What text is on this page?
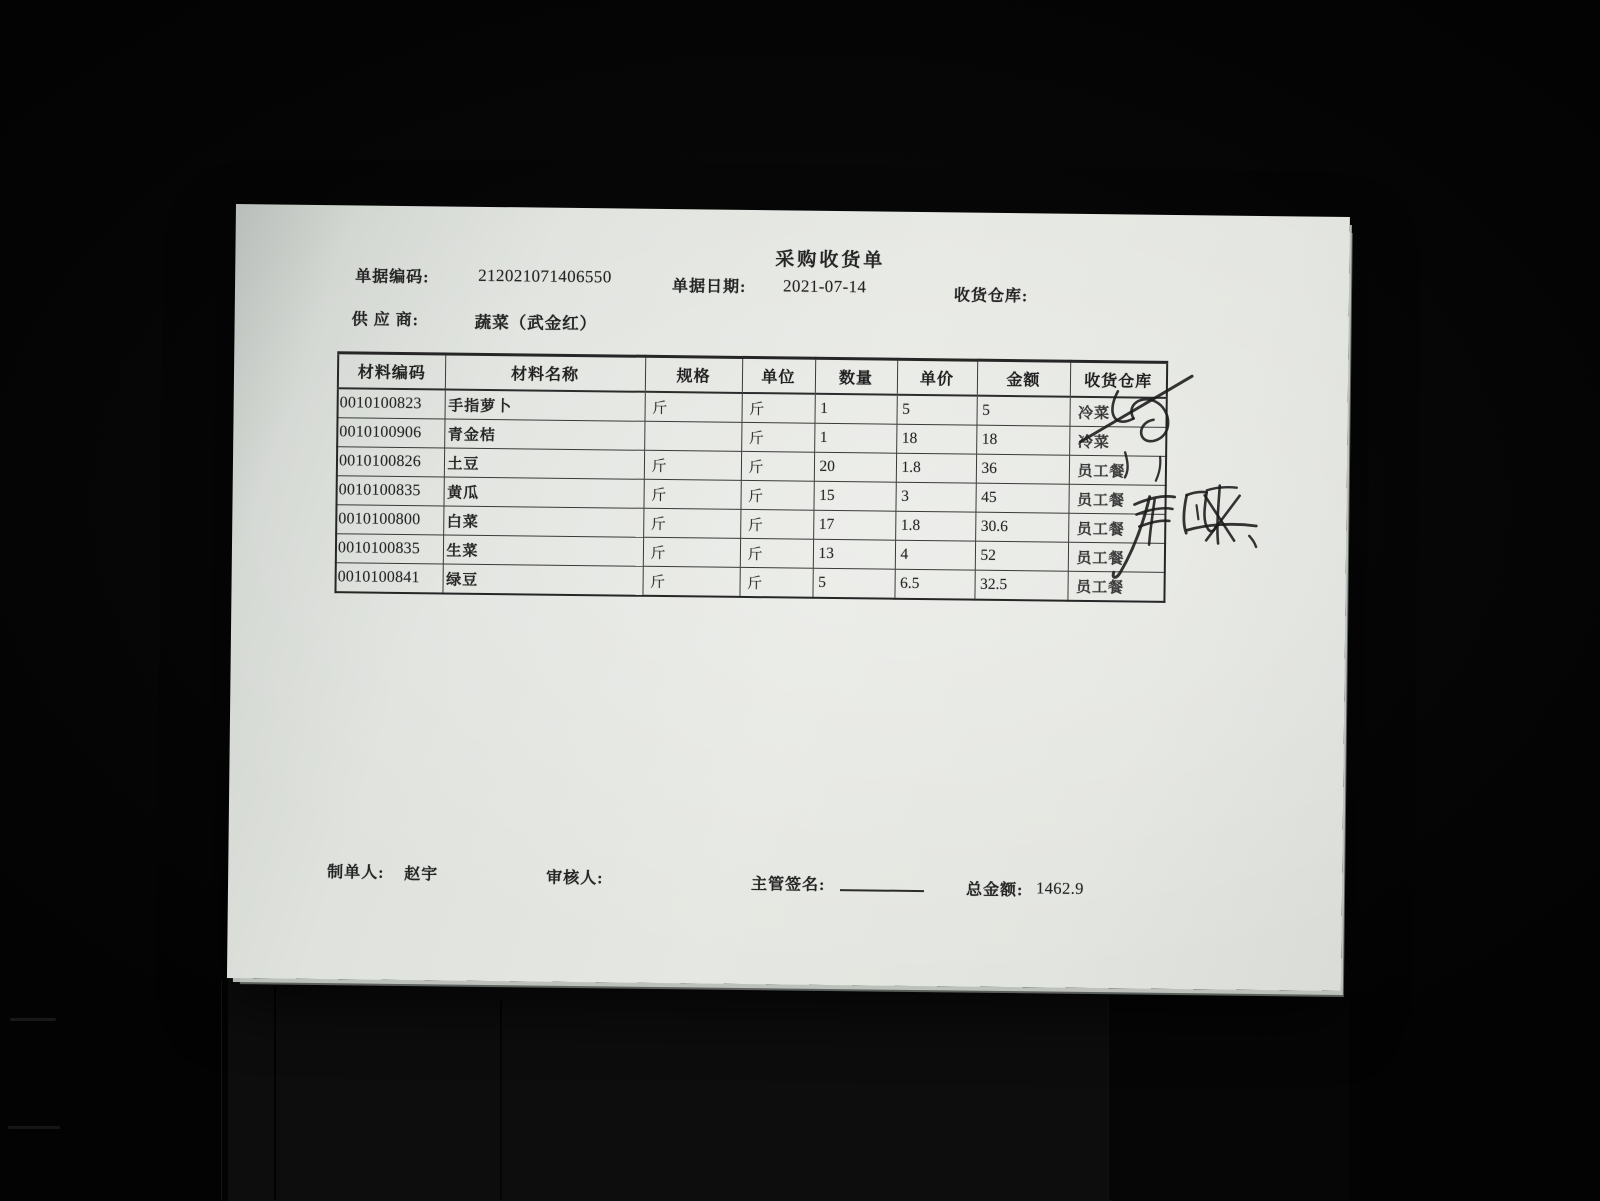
采购收货单
单据编码:	212021071406550
单据日期: 2021-07-14	收货仓库:
供 应 商:	蔬菜（武金红）
材料编码	材料名称	规格	单位	数量	单价	金额	收货仓库
0010100823	手指萝卜	斤	斤	1	5	5	冷菜
0010100906	青金桔		斤	1	18	18	冷菜
0010100826	土豆	斤	斤	20	1.8	36	员工餐
0010100835	黄瓜	斤	斤	15	3	45	员工餐
0010100800	白菜	斤	斤	17	1.8	30.6	员工餐
0010100835	生菜	斤	斤	13	4	52	员工餐
0010100841	绿豆	斤	斤	5	6.5	32.5	员工餐
制单人: 赵宇	审核人:	主管签名:	总金额: 1462.9
